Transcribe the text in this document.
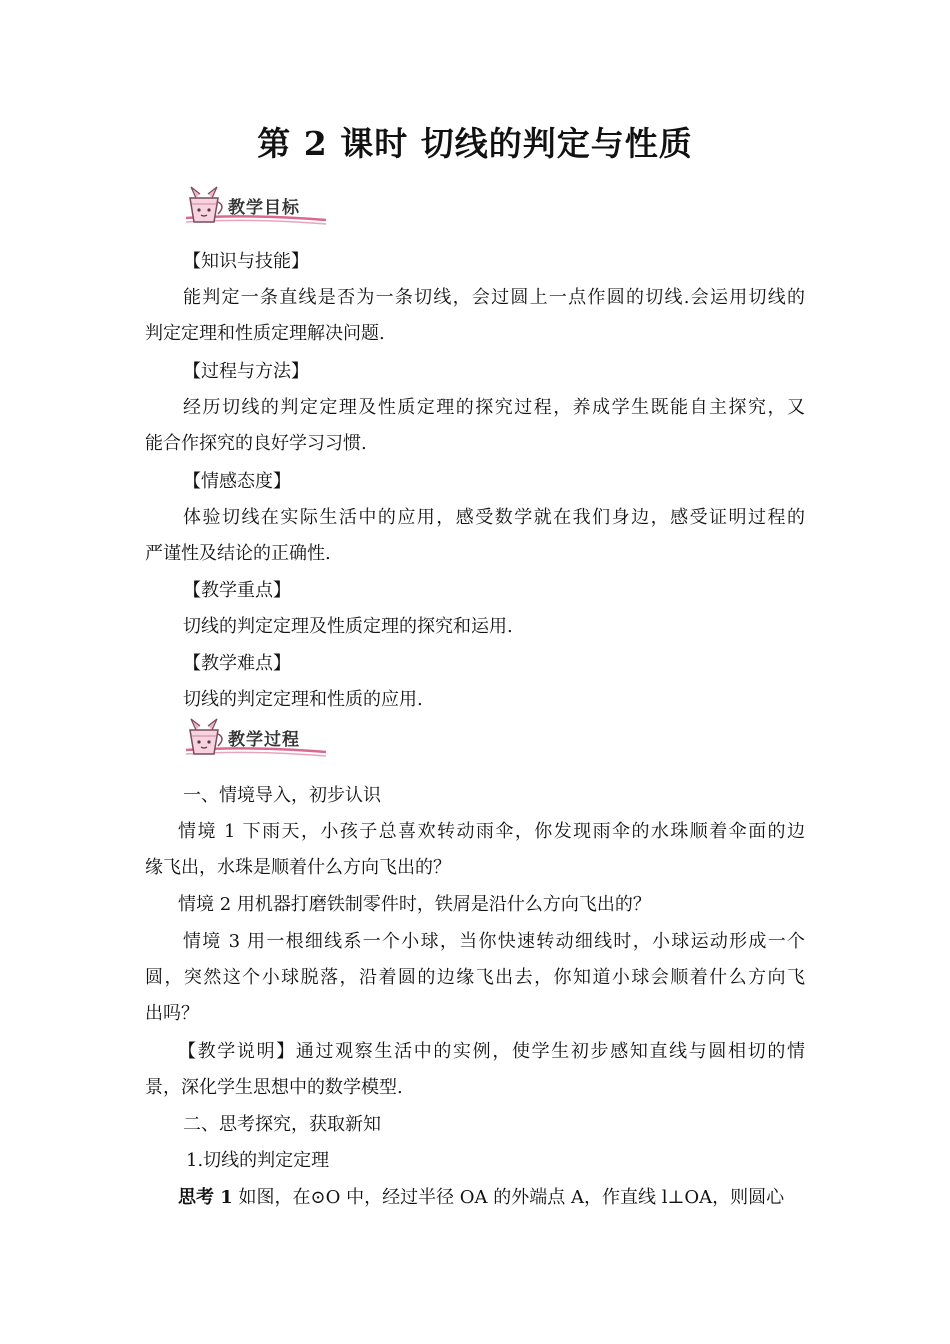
第 2 课时 切线的判定与性质
教学目标
【知识与技能】
能判定一条直线是否为一条切线，会过圆上一点作圆的切线.会运用切线的
判定定理和性质定理解决问题.
【过程与方法】
经历切线的判定定理及性质定理的探究过程，养成学生既能自主探究，又
能合作探究的良好学习习惯.
【情感态度】
体验切线在实际生活中的应用，感受数学就在我们身边，感受证明过程的
严谨性及结论的正确性.
【教学重点】
切线的判定定理及性质定理的探究和运用.
【教学难点】
切线的判定定理和性质的应用.
教学过程
一、情境导入，初步认识
情境 1 下雨天，小孩子总喜欢转动雨伞，你发现雨伞的水珠顺着伞面的边
缘飞出，水珠是顺着什么方向飞出的？
情境 2 用机器打磨铁制零件时，铁屑是沿什么方向飞出的？
情境 3 用一根细线系一个小球，当你快速转动细线时，小球运动形成一个
圆，突然这个小球脱落，沿着圆的边缘飞出去，你知道小球会顺着什么方向飞
出吗？
【教学说明】通过观察生活中的实例，使学生初步感知直线与圆相切的情
景，深化学生思想中的数学模型.
二、思考探究，获取新知
1.切线的判定定理
思考 1 如图，在⊙O 中，经过半径 OA 的外端点 A，作直线 l⊥OA，则圆心
